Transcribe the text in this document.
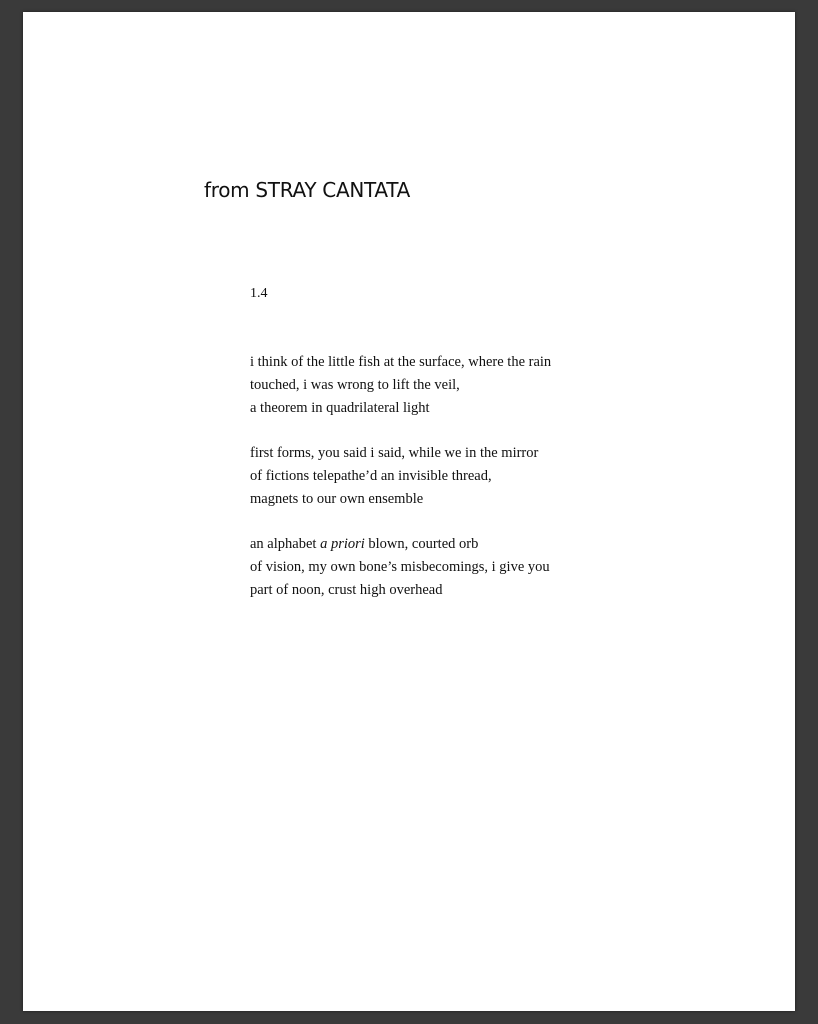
from STRAY CANTATA
1.4

i think of the little fish at the surface, where the rain
touched, i was wrong to lift the veil,
a theorem in quadrilateral light

first forms, you said i said, while we in the mirror
of fictions telepathe’d an invisible thread,
magnets to our own ensemble

an alphabet a priori blown, courted orb
of vision, my own bone’s misbecomings, i give you
part of noon, crust high overhead
